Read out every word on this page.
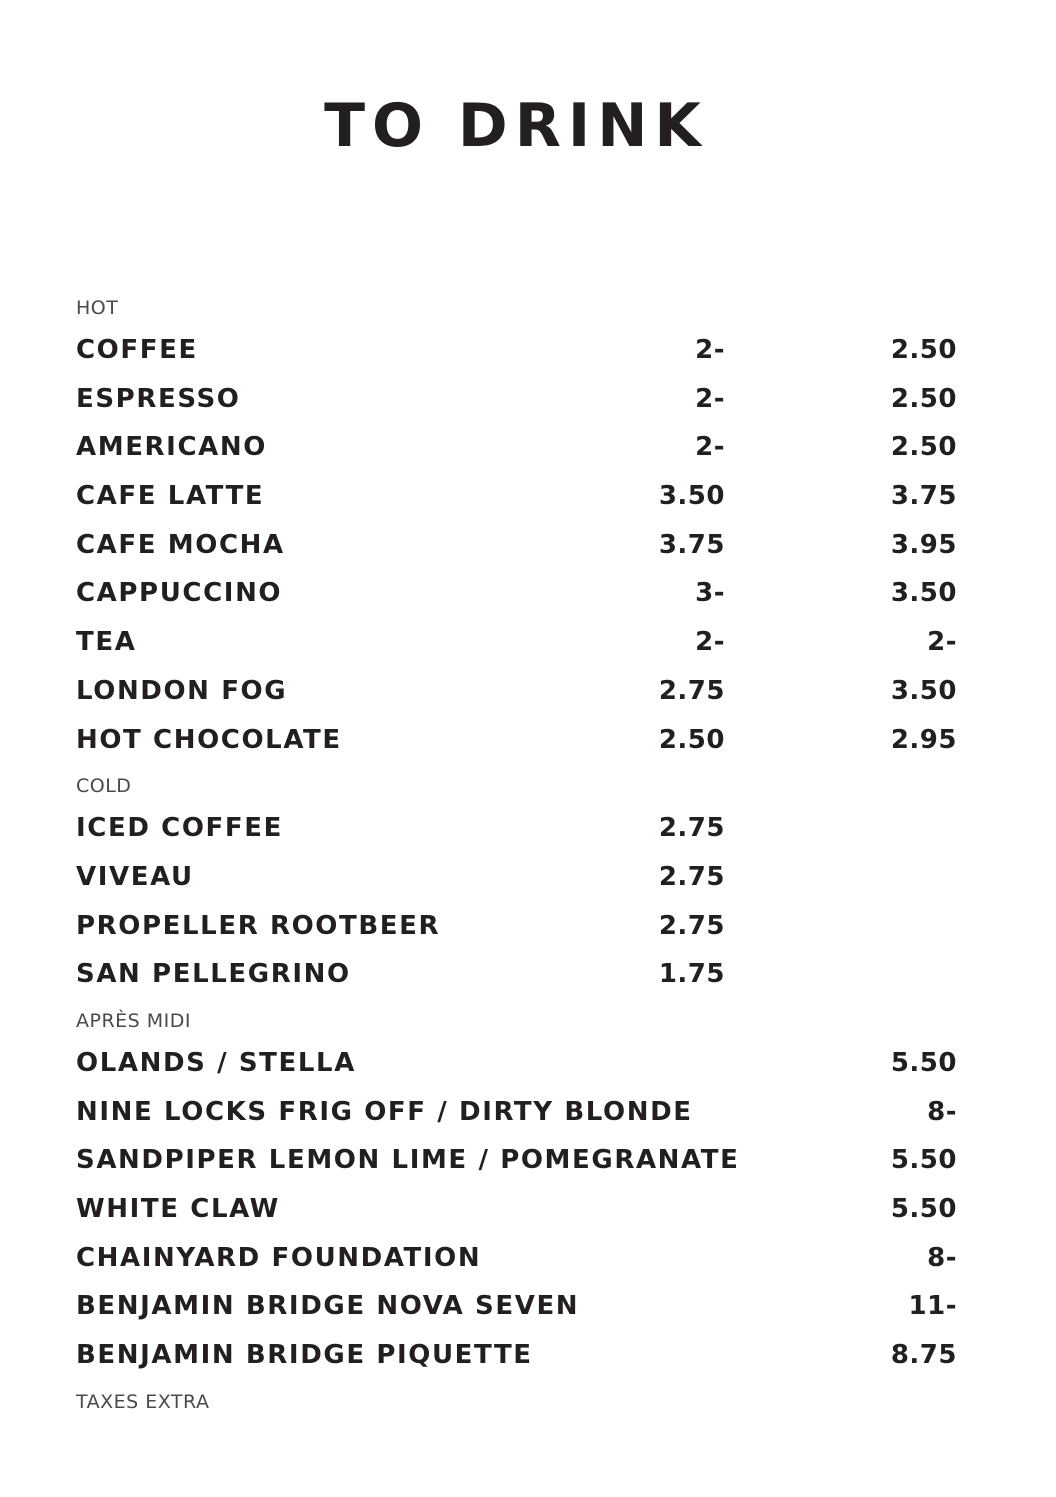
TO DRINK
HOT
COFFEE	2-	2.50
ESPRESSO	2-	2.50
AMERICANO	2-	2.50
CAFE LATTE	3.50	3.75
CAFE MOCHA	3.75	3.95
CAPPUCCINO	3-	3.50
TEA	2-	2-
LONDON FOG	2.75	3.50
HOT CHOCOLATE	2.50	2.95
COLD
ICED COFFEE	2.75
VIVEAU	2.75
PROPELLER ROOTBEER	2.75
SAN PELLEGRINO	1.75
APRÈS MIDI
OLANDS / STELLA	5.50
NINE LOCKS FRIG OFF / DIRTY BLONDE	8-
SANDPIPER LEMON LIME / POMEGRANATE	5.50
WHITE CLAW	5.50
CHAINYARD FOUNDATION	8-
BENJAMIN BRIDGE NOVA SEVEN	11-
BENJAMIN BRIDGE PIQUETTE	8.75
TAXES EXTRA
